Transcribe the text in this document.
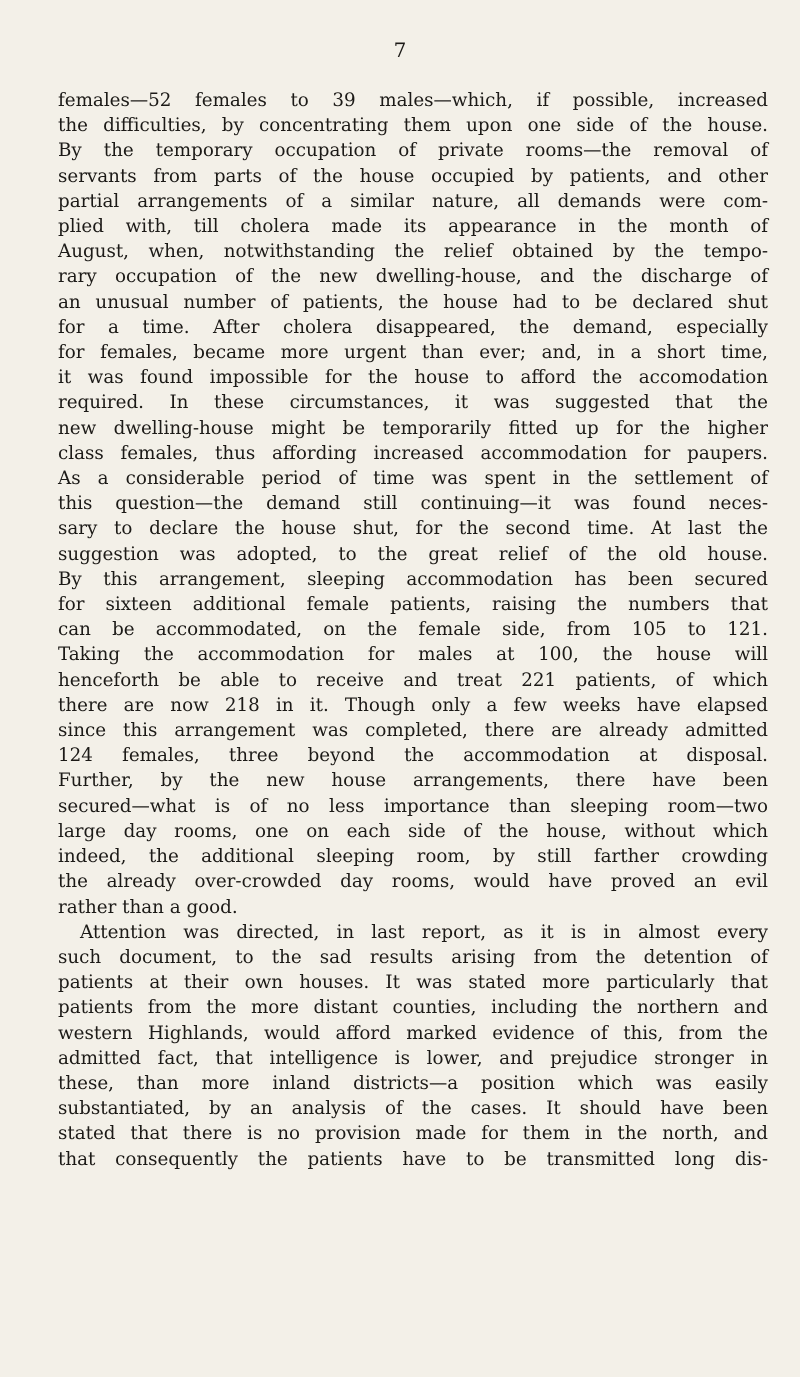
7
females—52 females to 39 males—which, if possible, increased
the difficulties, by concentrating them upon one side of the house.
By the temporary occupation of private rooms—the removal of
servants from parts of the house occupied by patients, and other
partial arrangements of a similar nature, all demands were com-
plied with, till cholera made its appearance in the month of
August, when, notwithstanding the relief obtained by the tempo-
rary occupation of the new dwelling-house, and the discharge of
an unusual number of patients, the house had to be declared shut
for a time. After cholera disappeared, the demand, especially
for females, became more urgent than ever; and, in a short time,
it was found impossible for the house to afford the accomodation
required. In these circumstances, it was suggested that the
new dwelling-house might be temporarily fitted up for the higher
class females, thus affording increased accommodation for paupers.
As a considerable period of time was spent in the settlement of
this question—the demand still continuing—it was found neces-
sary to declare the house shut, for the second time. At last the
suggestion was adopted, to the great relief of the old house.
By this arrangement, sleeping accommodation has been secured
for sixteen additional female patients, raising the numbers that
can be accommodated, on the female side, from 105 to 121.
Taking the accommodation for males at 100, the house will
henceforth be able to receive and treat 221 patients, of which
there are now 218 in it. Though only a few weeks have elapsed
since this arrangement was completed, there are already admitted
124 females, three beyond the accommodation at disposal.
Further, by the new house arrangements, there have been
secured—what is of no less importance than sleeping room—two
large day rooms, one on each side of the house, without which
indeed, the additional sleeping room, by still farther crowding
the already over-crowded day rooms, would have proved an evil
rather than a good.
Attention was directed, in last report, as it is in almost every
such document, to the sad results arising from the detention of
patients at their own houses. It was stated more particularly that
patients from the more distant counties, including the northern and
western Highlands, would afford marked evidence of this, from the
admitted fact, that intelligence is lower, and prejudice stronger in
these, than more inland districts—a position which was easily
substantiated, by an analysis of the cases. It should have been
stated that there is no provision made for them in the north, and
that consequently the patients have to be transmitted long dis-
